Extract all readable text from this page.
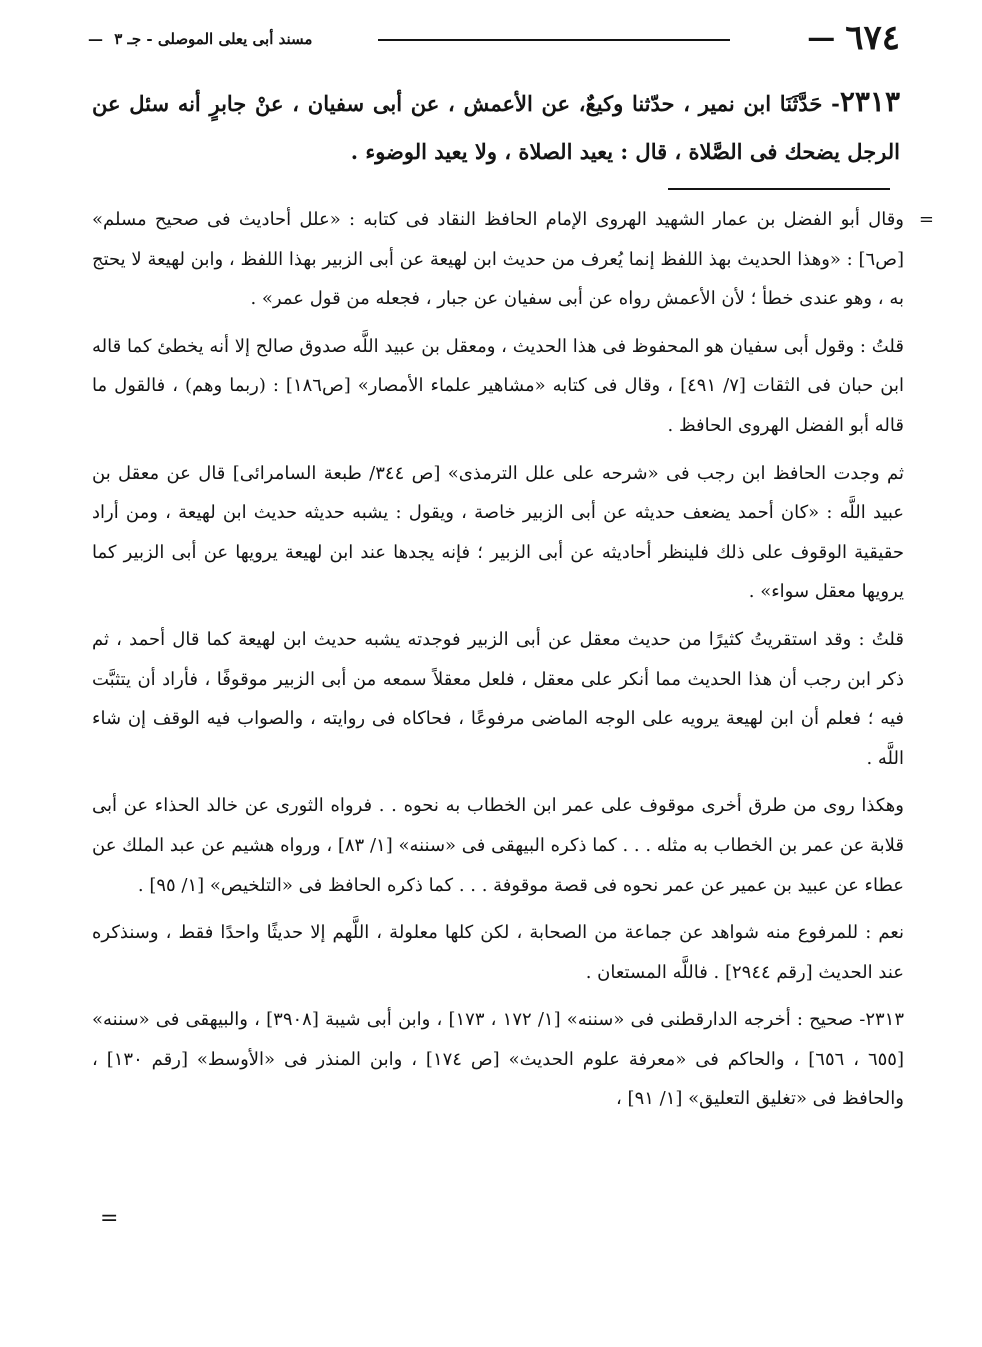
٦٧٤
—
مسند أبى يعلى الموصلى - جـ ٣ —
٢٣١٣- حَدَّثَنَا ابن نمير ، حدّثنا وكيعٌ، عن الأعمش ، عن أبى سفيان ، عنْ جابرٍ أنه سئل عن الرجل يضحك فى الصَّلاة ، قال : يعيد الصلاة ، ولا يعيد الوضوء .
=
وقال أبو الفضل بن عمار الشهيد الهروى الإمام الحافظ النقاد فى كتابه : «علل أحاديث فى صحيح مسلم» [ص٦] : «وهذا الحديث بهذ اللفظ إنما يُعرف من حديث ابن لهيعة عن أبى الزبير بهذا اللفظ ، وابن لهيعة لا يحتج به ، وهو عندى خطأ ؛ لأن الأعمش رواه عن أبى سفيان عن جبار ، فجعله من قول عمر» .
قلتُ : وقول أبى سفيان هو المحفوظ فى هذا الحديث ، ومعقل بن عبيد اللَّه صدوق صالح إلا أنه يخطئ كما قاله ابن حبان فى الثقات [٧/ ٤٩١] ، وقال فى كتابه «مشاهير علماء الأمصار» [ص١٨٦] : (ربما وهم) ، فالقول ما قاله أبو الفضل الهروى الحافظ .
ثم وجدت الحافظ ابن رجب فى «شرحه على علل الترمذى» [ص ٣٤٤/ طبعة السامرائى] قال عن معقل بن عبيد اللَّه : «كان أحمد يضعف حديثه عن أبى الزبير خاصة ، ويقول : يشبه حديثه حديث ابن لهيعة ، ومن أراد حقيقية الوقوف على ذلك فلينظر أحاديثه عن أبى الزبير ؛ فإنه يجدها عند ابن لهيعة يرويها عن أبى الزبير كما يرويها معقل سواء» .
قلتُ : وقد استقريتُ كثيرًا من حديث معقل عن أبى الزبير فوجدته يشبه حديث ابن لهيعة كما قال أحمد ، ثم ذكر ابن رجب أن هذا الحديث مما أنكر على معقل ، فلعل معقلاً سمعه من أبى الزبير موقوفًا ، فأراد أن يتثبَّت فيه ؛ فعلم أن ابن لهيعة يرويه على الوجه الماضى مرفوعًا ، فحاكاه فى روايته ، والصواب فيه الوقف إن شاء اللَّه .
وهكذا روى من طرق أخرى موقوف على عمر ابن الخطاب به نحوه . . فرواه الثورى عن خالد الحذاء عن أبى قلابة عن عمر بن الخطاب به مثله . . . كما ذكره البيهقى فى «سننه» [١/ ٨٣] ، ورواه هشيم عن عبد الملك عن عطاء عن عبيد بن عمير عن عمر نحوه فى قصة موقوفة . . . كما ذكره الحافظ فى «التلخيص» [١/ ٩٥] .
نعم : للمرفوع منه شواهد عن جماعة من الصحابة ، لكن كلها معلولة ، اللَّهم إلا حديثًا واحدًا فقط ، وسنذكره عند الحديث [رقم ٢٩٤٤] . فاللَّه المستعان .
٢٣١٣- صحيح : أخرجه الدارقطنى فى «سننه» [١/ ١٧٢ ، ١٧٣] ، وابن أبى شيبة [٣٩٠٨] ، والبيهقى فى «سننه» [٦٥٥ ، ٦٥٦] ، والحاكم فى «معرفة علوم الحديث» [ص ١٧٤] ، وابن المنذر فى «الأوسط» [رقم ١٣٠] ، والحافظ فى «تغليق التعليق» [١/ ٩١] ،
=
